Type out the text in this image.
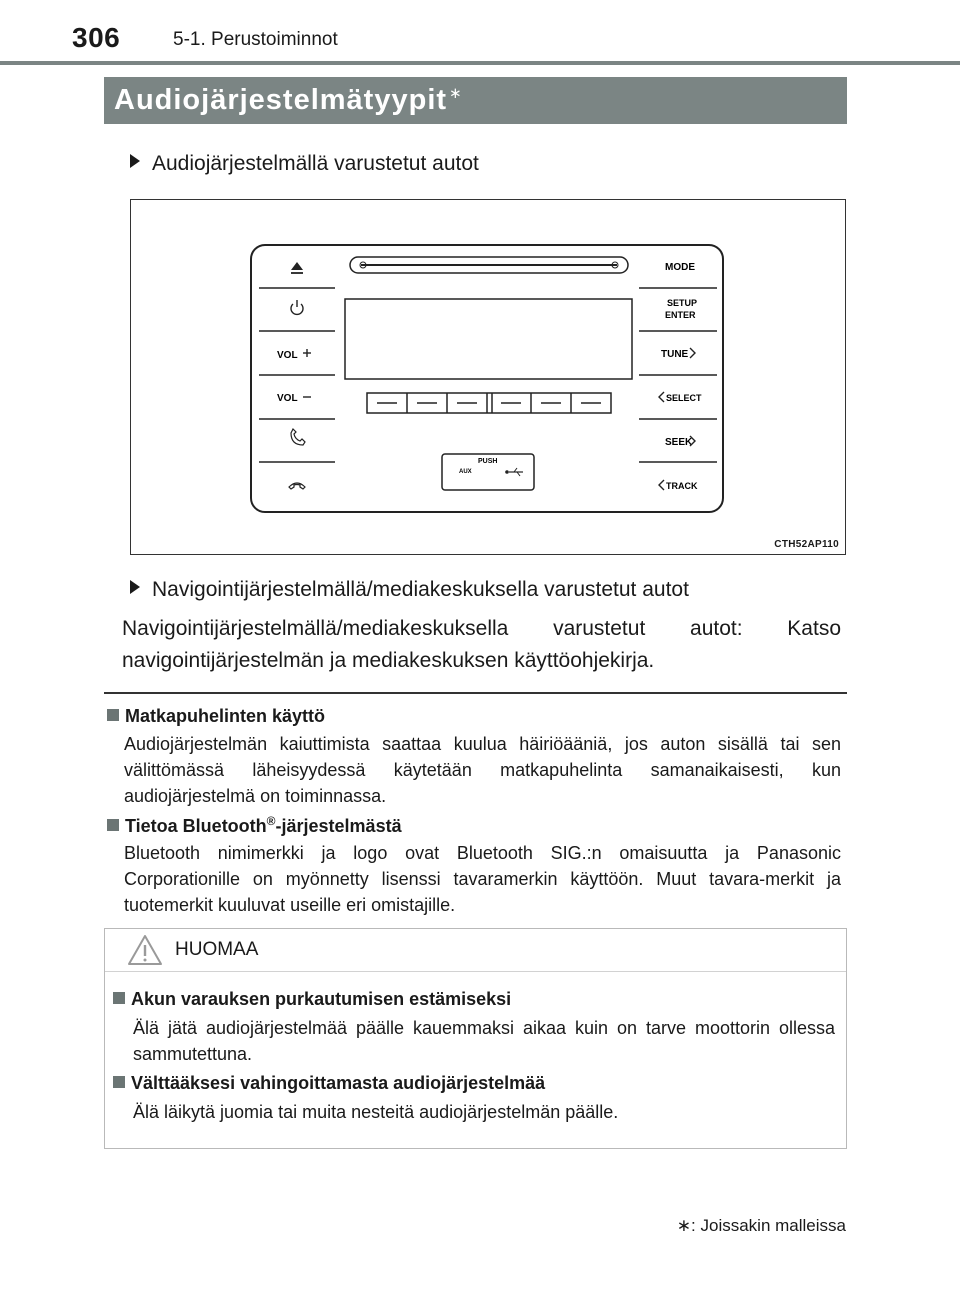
306	5-1. Perustoiminnot
Audiojärjestelmätyypit ∗
Audiojärjestelmällä varustetut autot
PUSH
AUX
VOL
VOL
MODE
SETUP
ENTER
TUNE
SELECT
SEEK
TRACK
CTH52AP110
Navigointijärjestelmällä/mediakeskuksella varustetut autot
Navigointijärjestelmällä/mediakeskuksella varustetut autot: Katso navigointijärjestelmän ja mediakeskuksen käyttöohjekirja.
Matkapuhelinten käyttö
Audiojärjestelmän kaiuttimista saattaa kuulua häiriöääniä, jos auton sisällä tai sen välittömässä läheisyydessä käytetään matkapuhelinta samanaikaisesti, kun audiojärjestelmä on toiminnassa.
Tietoa Bluetooth®-järjestelmästä
Bluetooth nimimerkki ja logo ovat Bluetooth SIG.:n omaisuutta ja Panasonic Corporationille on myönnetty lisenssi tavaramerkin käyttöön. Muut tavara-merkit ja tuotemerkit kuuluvat useille eri omistajille.
HUOMAA
Akun varauksen purkautumisen estämiseksi
Älä jätä audiojärjestelmää päälle kauemmaksi aikaa kuin on tarve moottorin ollessa sammutettuna.
Välttääksesi vahingoittamasta audiojärjestelmää
Älä läikytä juomia tai muita nesteitä audiojärjestelmän päälle.
∗: Joissakin malleissa
